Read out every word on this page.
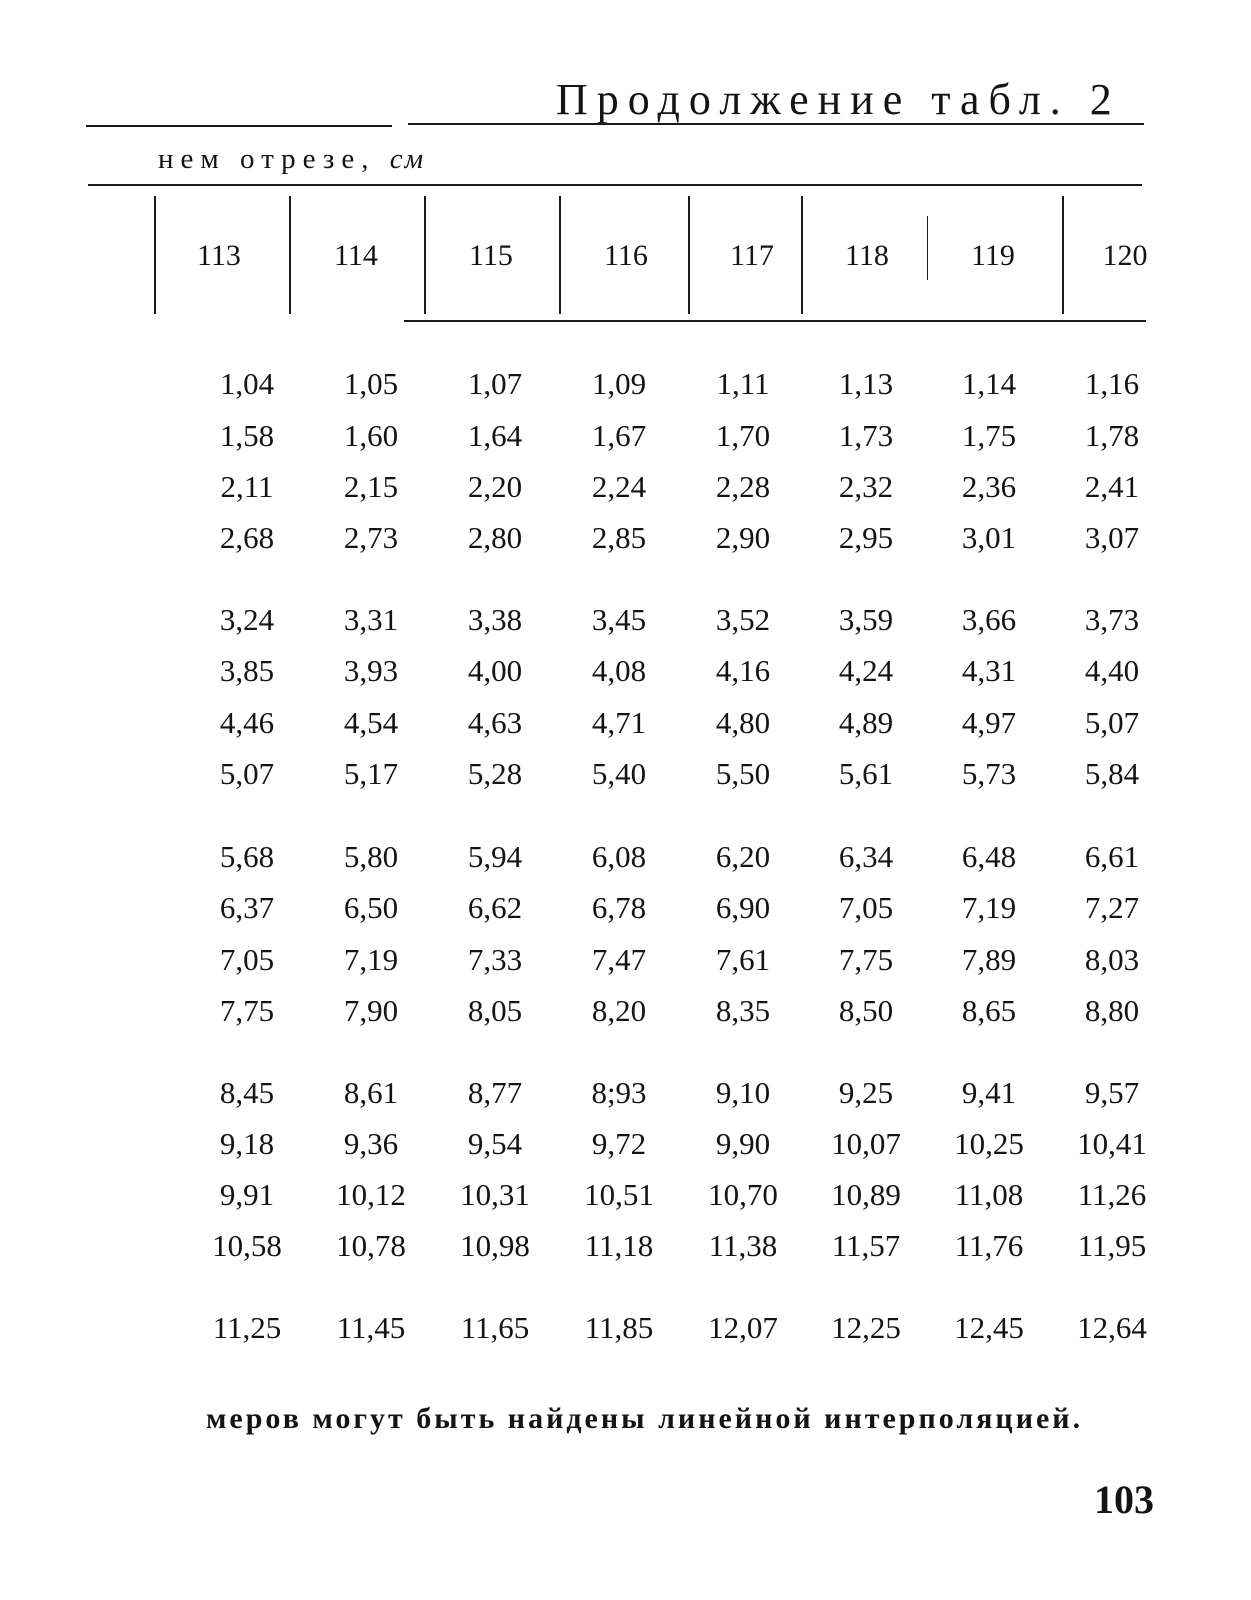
Продолжение табл. 2
нем отрезе, см
113	114	115	116	117	118	119	120
1,04	1,05	1,07	1,09	1,11	1,13	1,14	1,16
1,58	1,60	1,64	1,67	1,70	1,73	1,75	1,78
2,11	2,15	2,20	2,24	2,28	2,32	2,36	2,41
2,68	2,73	2,80	2,85	2,90	2,95	3,01	3,07
3,24	3,31	3,38	3,45	3,52	3,59	3,66	3,73
3,85	3,93	4,00	4,08	4,16	4,24	4,31	4,40
4,46	4,54	4,63	4,71	4,80	4,89	4,97	5,07
5,07	5,17	5,28	5,40	5,50	5,61	5,73	5,84
5,68	5,80	5,94	6,08	6,20	6,34	6,48	6,61
6,37	6,50	6,62	6,78	6,90	7,05	7,19	7,27
7,05	7,19	7,33	7,47	7,61	7,75	7,89	8,03
7,75	7,90	8,05	8,20	8,35	8,50	8,65	8,80
8,45	8,61	8,77	8;93	9,10	9,25	9,41	9,57
9,18	9,36	9,54	9,72	9,90	10,07	10,25	10,41
9,91	10,12	10,31	10,51	10,70	10,89	11,08	11,26
10,58	10,78	10,98	11,18	11,38	11,57	11,76	11,95
11,25	11,45	11,65	11,85	12,07	12,25	12,45	12,64
меров могут быть найдены линейной интерполяцией.
103
